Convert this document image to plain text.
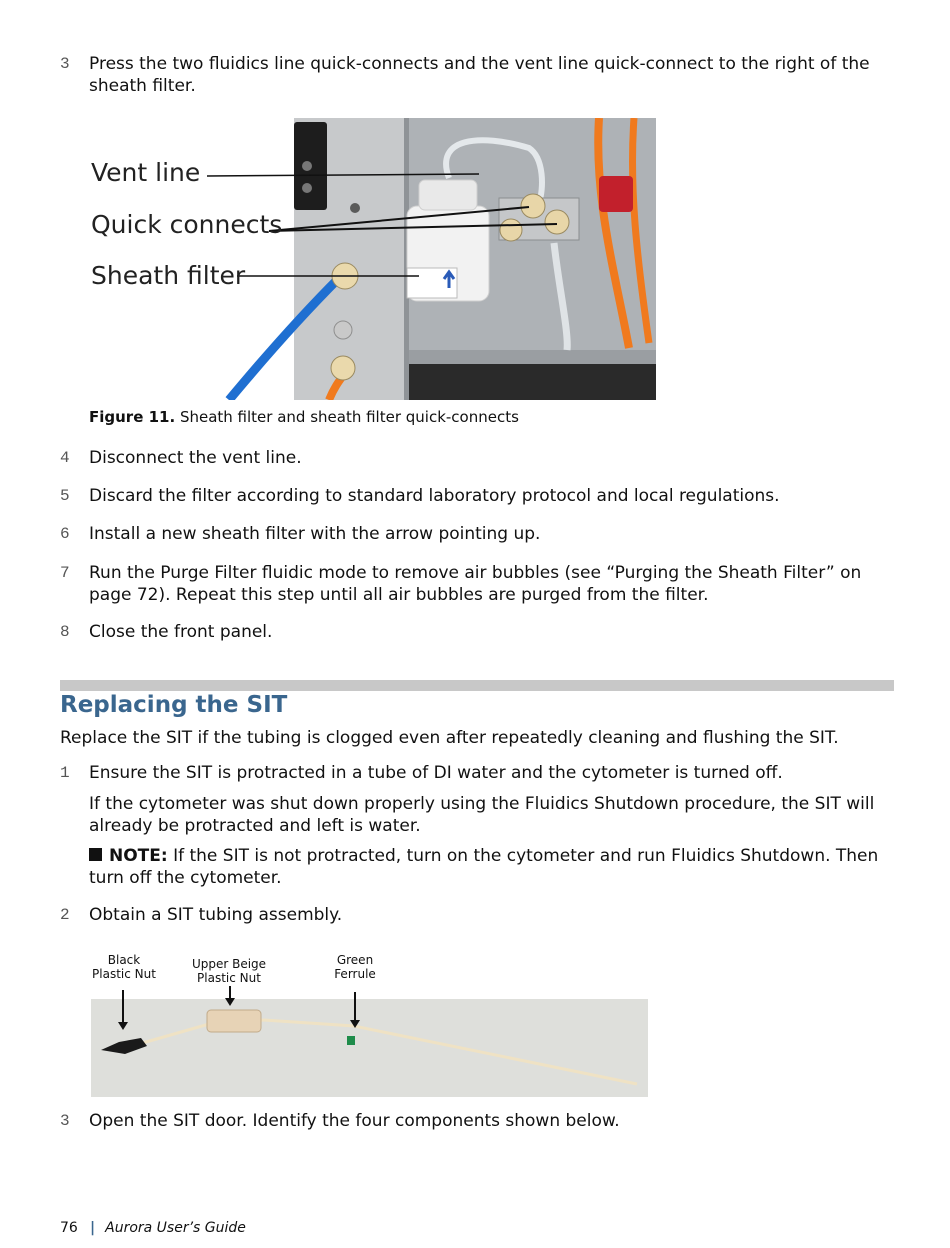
3	Press the two fluidics line quick-connects and the vent line quick-connect to the right of the sheath filter.
Vent line
Quick connects
Sheath filter
Figure 11. Sheath filter and sheath filter quick-connects
4	Disconnect the vent line.
5	Discard the filter according to standard laboratory protocol and local regulations.
6	Install a new sheath filter with the arrow pointing up.
7	Run the Purge Filter fluidic mode to remove air bubbles (see “Purging the Sheath Filter” on page 72). Repeat this step until all air bubbles are purged from the filter.
8	Close the front panel.
Replacing the SIT
Replace the SIT if the tubing is clogged even after repeatedly cleaning and flushing the SIT.
1	Ensure the SIT is protracted in a tube of DI water and the cytometer is turned off.
If the cytometer was shut down properly using the Fluidics Shutdown procedure, the SIT will already be protracted and left is water.
NOTE: If the SIT is not protracted, turn on the cytometer and run Fluidics Shutdown. Then turn off the cytometer.
2	Obtain a SIT tubing assembly.
Black Plastic Nut
Upper Beige Plastic Nut
Green Ferrule
3	Open the SIT door. Identify the four components shown below.
76 | Aurora User’s Guide
